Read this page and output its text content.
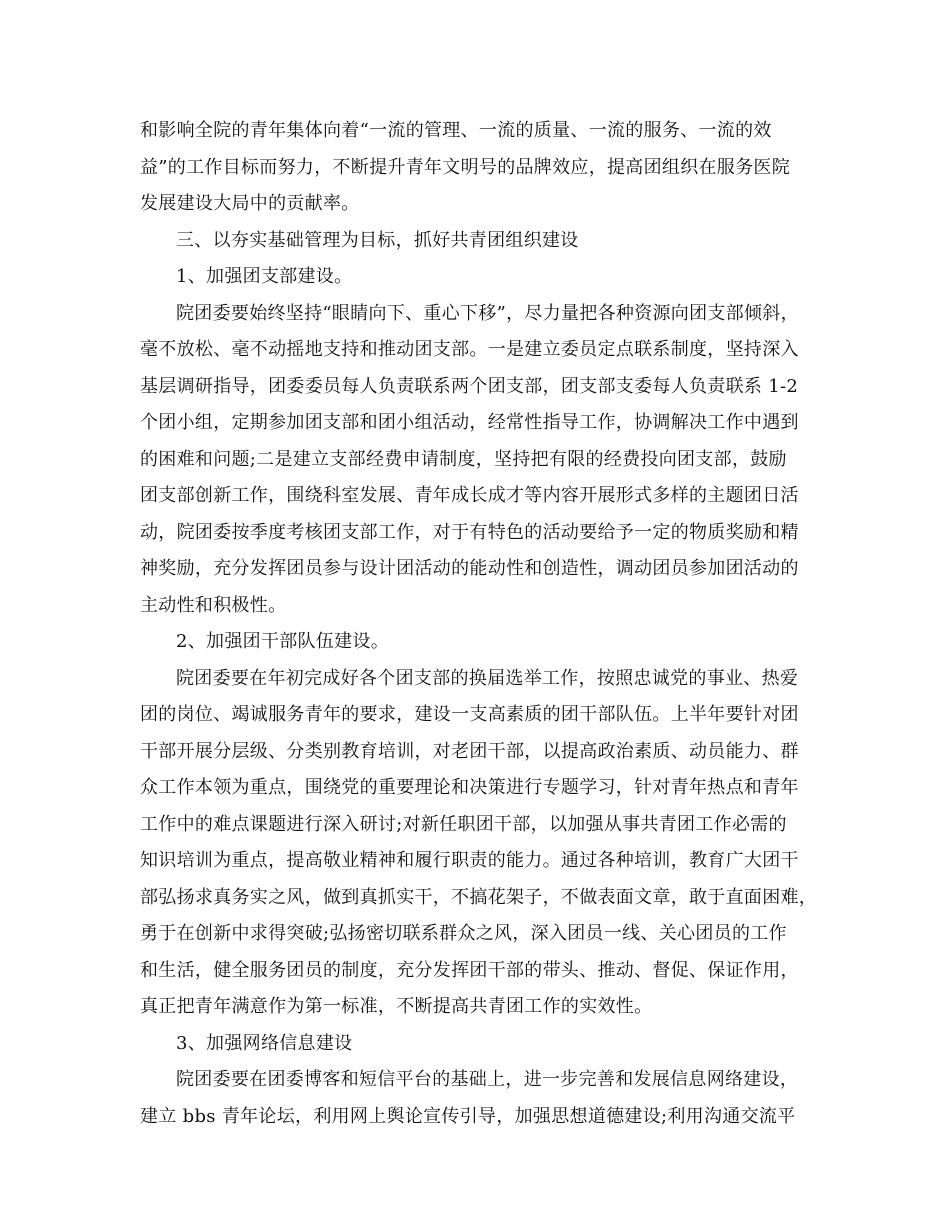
和影响全院的青年集体向着“一流的管理、一流的质量、一流的服务、一流的效
益”的工作目标而努力，不断提升青年文明号的品牌效应，提高团组织在服务医院
发展建设大局中的贡献率。
三、以夯实基础管理为目标，抓好共青团组织建设
1、加强团支部建设。
院团委要始终坚持“眼睛向下、重心下移”，尽力量把各种资源向团支部倾斜，
毫不放松、毫不动摇地支持和推动团支部。一是建立委员定点联系制度，坚持深入
基层调研指导，团委委员每人负责联系两个团支部，团支部支委每人负责联系 1-2
个团小组，定期参加团支部和团小组活动，经常性指导工作，协调解决工作中遇到
的困难和问题;二是建立支部经费申请制度，坚持把有限的经费投向团支部，鼓励
团支部创新工作，围绕科室发展、青年成长成才等内容开展形式多样的主题团日活
动，院团委按季度考核团支部工作，对于有特色的活动要给予一定的物质奖励和精
神奖励，充分发挥团员参与设计团活动的能动性和创造性，调动团员参加团活动的
主动性和积极性。
2、加强团干部队伍建设。
院团委要在年初完成好各个团支部的换届选举工作，按照忠诚党的事业、热爱
团的岗位、竭诚服务青年的要求，建设一支高素质的团干部队伍。上半年要针对团
干部开展分层级、分类别教育培训，对老团干部，以提高政治素质、动员能力、群
众工作本领为重点，围绕党的重要理论和决策进行专题学习，针对青年热点和青年
工作中的难点课题进行深入研讨;对新任职团干部，以加强从事共青团工作必需的
知识培训为重点，提高敬业精神和履行职责的能力。通过各种培训，教育广大团干
部弘扬求真务实之风，做到真抓实干，不搞花架子，不做表面文章，敢于直面困难，
勇于在创新中求得突破;弘扬密切联系群众之风，深入团员一线、关心团员的工作
和生活，健全服务团员的制度，充分发挥团干部的带头、推动、督促、保证作用，
真正把青年满意作为第一标准，不断提高共青团工作的实效性。
3、加强网络信息建设
院团委要在团委博客和短信平台的基础上，进一步完善和发展信息网络建设，
建立 bbs 青年论坛，利用网上舆论宣传引导，加强思想道德建设;利用沟通交流平
